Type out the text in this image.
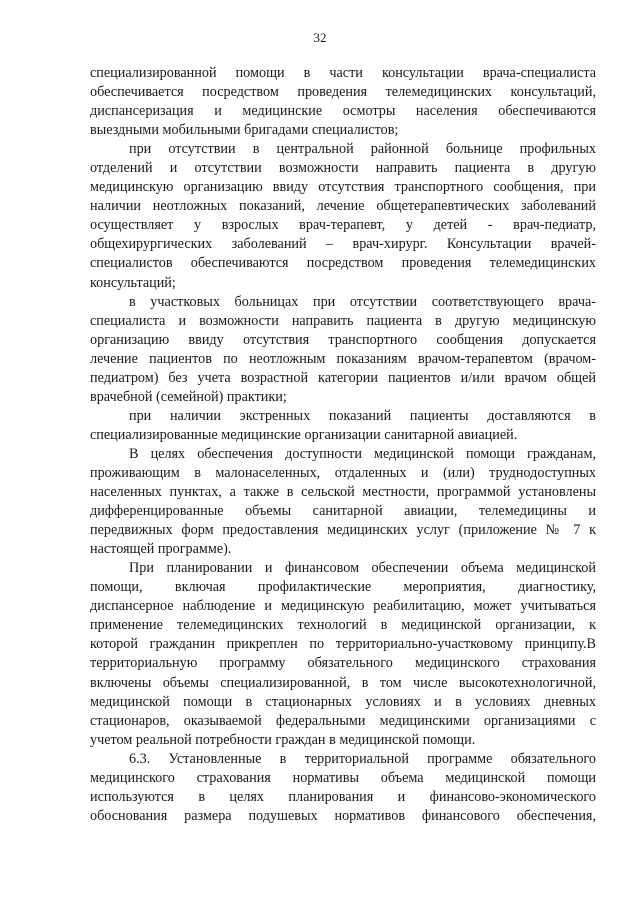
32

специализированной помощи в части консультации врача-специалиста
обеспечивается посредством проведения телемедицинских консультаций,
диспансеризация и медицинские осмотры населения обеспечиваются
выездными мобильными бригадами специалистов;

при отсутствии в центральной районной больнице профильных
отделений и отсутствии возможности направить пациента в другую
медицинскую организацию ввиду отсутствия транспортного сообщения, при
наличии неотложных показаний, лечение общетерапевтических заболеваний
осуществляет у взрослых врач-терапевт, у детей - врач-педиатр,
общехирургических заболеваний – врач-хирург. Консультации врачей-
специалистов обеспечиваются посредством проведения телемедицинских
консультаций;

в участковых больницах при отсутствии соответствующего врача-
специалиста и возможности направить пациента в другую медицинскую
организацию ввиду отсутствия транспортного сообщения допускается
лечение пациентов по неотложным показаниям врачом-терапевтом (врачом-
педиатром) без учета возрастной категории пациентов и/или врачом общей
врачебной (семейной) практики;

при наличии экстренных показаний пациенты доставляются в
специализированные медицинские организации санитарной авиацией.

В целях обеспечения доступности медицинской помощи гражданам,
проживающим в малонаселенных, отдаленных и (или) труднодоступных
населенных пунктах, а также в сельской местности, программой установлены
дифференцированные объемы санитарной авиации, телемедицины и
передвижных форм предоставления медицинских услуг (приложение № 7 к
настоящей программе).

При планировании и финансовом обеспечении объема медицинской
помощи, включая профилактические мероприятия, диагностику,
диспансерное наблюдение и медицинскую реабилитацию, может учитываться
применение телемедицинских технологий в медицинской организации, к
которой гражданин прикреплен по территориально-участковому принципу.В
территориальную программу обязательного медицинского страхования
включены объемы специализированной, в том числе высокотехнологичной,
медицинской помощи в стационарных условиях и в условиях дневных
стационаров, оказываемой федеральными медицинскими организациями с
учетом реальной потребности граждан в медицинской помощи.

6.3. Установленные в территориальной программе обязательного
медицинского страхования нормативы объема медицинской помощи
используются в целях планирования и финансово-экономического
обоснования размера подушевых нормативов финансового обеспечения,
